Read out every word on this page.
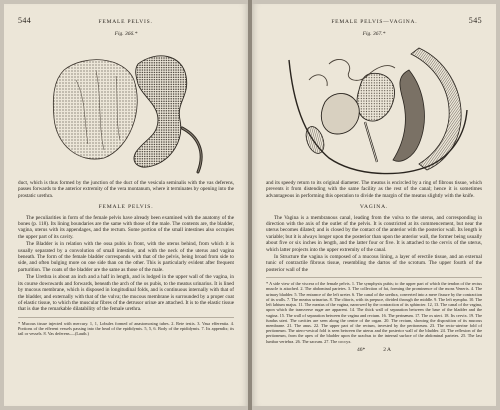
544	FEMALE PELVIS.
Fig. 366.*

duct, which is thus formed by the junction of the duct of the vesicula seminalis with the vas deferens, passes forwards to the anterior extremity of the vera montanum, where it terminates by opening into the prostatic urethra.

FEMALE PELVIS.

The peculiarities in form of the female pelvis have already been examined with the anatomy of the bones (p. 118). Its lining boundaries are the same with those of the male. The contents are, the bladder, vagina, uterus with its appendages, and the rectum. Some portion of the small intestines also occupies the upper part of its cavity.

The Bladder is in relation with the ossa pubis in front, with the uterus behind, from which it is usually separated by a convolution of small intestine, and with the neck of the uterus and vagina beneath. The form of the female bladder corresponds with that of the pelvis, being broad from side to side, and often bulging more on one side than on the other. This is particularly evident after frequent parturition. The coats of the bladder are the same as those of the male.

The Urethra is about an inch and a half in length, and is lodged in the upper wall of the vagina, in its course downwards and forwards, beneath the arch of the os pubis, to the meatus urinarius. It is lined by mucous membrane, which is disposed in longitudinal folds, and is continuous internally with that of the bladder, and externally with that of the vulva; the mucous membrane is surrounded by a proper coat of elastic tissue, to which the muscular fibres of the detrusor urinæ are attached. It is to the elastic tissue that is due the remarkable dilatability of the female urethra.

* Mucous tissue injected with mercury. 1, 1, Lobules formed of anastomosing tubes. 2. Rete testis. 3. Vasa efferentia. 4. Portions of the efferent vessels passing into the head of the epididymis. 5, 5, 6. Body of the epididymis. 7. Its appendix; its tail or vessels. 8. Vas deferens.—(Lauth.)
FEMALE PELVIS—VAGINA.	545
Fig. 367.*

and its speedy return to its original diameter. The meatus is encircled by a ring of fibrous tissue, which prevents it from distending with the same facility as the rest of the canal; hence it is sometimes advantageous in performing this operation to divide the margin of the meatus slightly with the knife.

VAGINA.

The Vagina is a membranous canal, leading from the vulva to the uterus, and corresponding in direction with the axis of the outlet of the pelvis. It is constricted at its commencement, but near the uterus becomes dilated; and is closed by the contact of the anterior with the posterior wall. Its length is variable; but it is always longer upon the posterior than upon the anterior wall, the former being usually about five or six inches in length, and the latter four or five. It is attached to the cervix of the uterus, which latter projects into the upper extremity of the canal.

In Structure the vagina is composed of a mucous lining, a layer of erectile tissue, and an external tunic of contractile fibrous tissue, resembling the dartos of the scrotum. The upper fourth of the posterior wall of the

* A side view of the viscera of the female pelvis. 1. The symphysis pubis; to the upper part of which the tendon of the rectus muscle is attached. 2. The abdominal parietes. 3. The collection of fat, forming the prominence of the mons Veneris. 4. The urinary bladder. 5. The entrance of the left ureter. 6. The canal of the urethra, converted into a mere fissure by the contraction of its walls. 7. The meatus urinarius. 8. The clitoris, with its prepuce, divided through the middle. 9. The left nympha. 10. The left labium majus. 11. The meatus of the vagina, narrowed by the contraction of its sphincter. 12, 13. The canal of the vagina, upon which the transverse rugæ are apparent. 14. The thick wall of separation between the base of the bladder and the vagina. 15. The wall of separation between the vagina and rectum. 16. The perinæum. 17. The os uteri. 18. Its cervix. 19. The fundus uteri. The cavities are seen along the centre of the organ. 20. The rectum, showing the disposition of its mucous membrane. 21. The anus. 22. The upper part of the rectum, invested by the peritoneum. 23. The recto-uterine fold of peritoneum. The utero-vesical fold is seen between the uterus and the posterior wall of the bladder. 24. The reflexion of the peritoneum, from the apex of the bladder upon the urachus to the internal surface of the abdominal parietes. 25. The last lumbar vertebra. 26. The sacrum. 27. The coccyx.
46*	2 A
